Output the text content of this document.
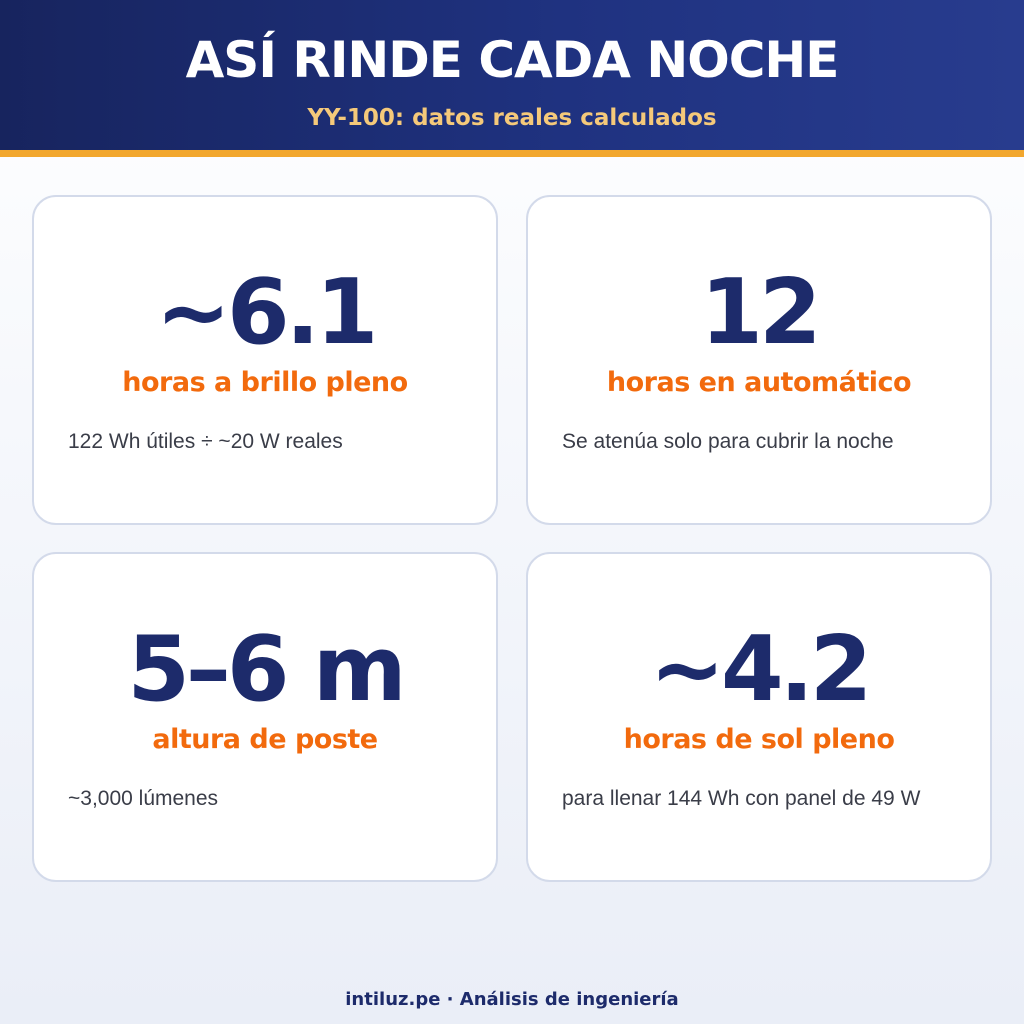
ASÍ RINDE CADA NOCHE
YY-100: datos reales calculados
~6.1
horas a brillo pleno
122 Wh útiles ÷ ~20 W reales
12
horas en automático
Se atenúa solo para cubrir la noche
5–6 m
altura de poste
~3,000 lúmenes
~4.2
horas de sol pleno
para llenar 144 Wh con panel de 49 W
intiluz.pe · Análisis de ingeniería
